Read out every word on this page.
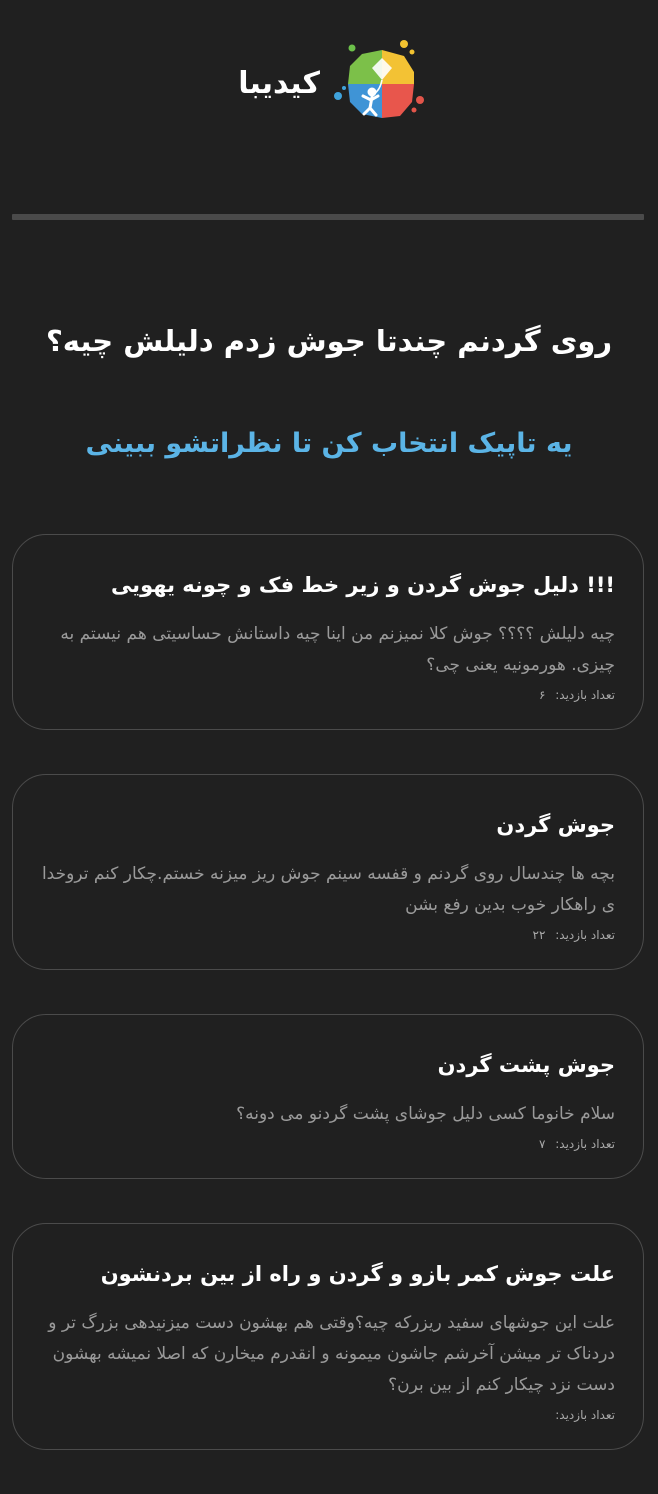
کیدیبا
روی گردنم چندتا جوش زدم دلیلش چیه؟
یه تاپیک انتخاب کن تا نظراتشو ببینی
!!! دلیل جوش گردن و زیر خط فک و چونه یهویی
چیه دلیلش ؟؟؟؟ جوش کلا نمیزنم من اینا چیه داستانش حساسیتی هم نیستم به چیزی. هورمونیه یعنی چی؟
تعداد بازدید: ۶
جوش گردن
بچه ها چندسال روی گردنم و قفسه سینم جوش ریز میزنه خستم.چکار کنم تروخدا ی راهکار خوب بدین رفع بشن
تعداد بازدید: ۲۲
جوش پشت گردن
سلام خانوما کسی دلیل جوشای پشت گردنو می دونه؟
تعداد بازدید: ۷
علت جوش کمر بازو و گردن و راه از بین بردنشون
علت این جوشهای سفید ریزرکه چیه؟وقتی هم بهشون دست میزنیدهی بزرگ تر و دردناک تر میشن آخرشم جاشون میمونه و انقدرم میخارن که اصلا نمیشه بهشون دست نزد چیکار کنم از بین برن؟
تعداد بازدید:
